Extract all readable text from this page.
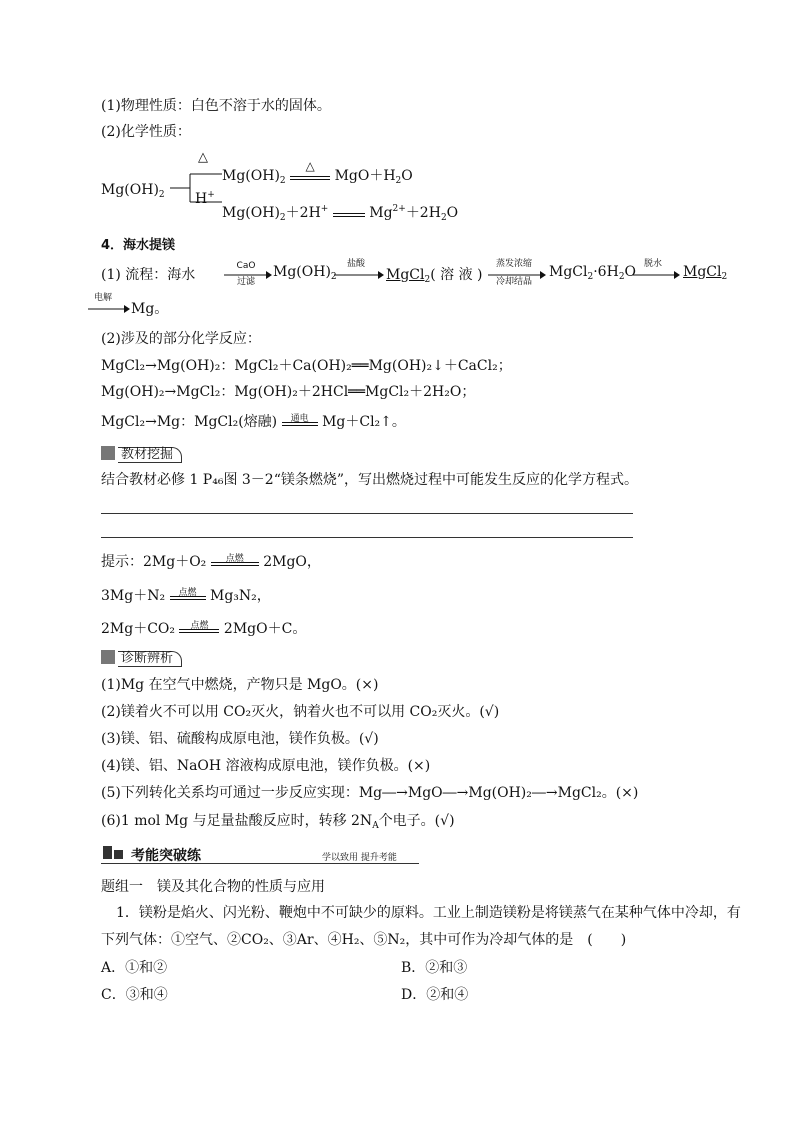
(1)物理性质：白色不溶于水的固体。
(2)化学性质：
$Mg(OH)_2$
△
$Mg(OH)_2$
△
$MgO+H_2O$
H+
$Mg(OH)_2+2H^+$	$Mg^{2+}+2H_2O$
4．海水提镁
(1) 流程：海水
CaO
过滤
$Mg(OH)_2$
盐酸
MgCl$_2$( 溶 液 )
蒸发浓缩
冷却结晶
$MgCl_2\cdot 6H_2O$ 脱水	MgCl$_2$
电解
Mg。
(2)涉及的部分化学反应：
MgCl₂→Mg(OH)₂：MgCl₂＋Ca(OH)₂══Mg(OH)₂↓＋CaCl₂；
Mg(OH)₂→MgCl₂：Mg(OH)₂＋2HCl══MgCl₂＋2H₂O；
MgCl₂→Mg：MgCl₂(熔融)	通电 Mg＋Cl₂↑。
教材挖掘
结合教材必修 1 P₄₆图 3－2“镁条燃烧”，写出燃烧过程中可能发生反应的化学方程式。
提示：2Mg＋O₂	点燃	2MgO，
3Mg＋N₂	点燃 Mg₃N₂，
2Mg＋CO₂	点燃	2MgO＋C。
诊断辨析
(1)Mg 在空气中燃烧，产物只是 MgO。(×)
(2)镁着火不可以用 CO₂灭火，钠着火也不可以用 CO₂灭火。(√)
(3)镁、铝、硫酸构成原电池，镁作负极。(√)
(4)镁、铝、NaOH 溶液构成原电池，镁作负极。(×)
(5)下列转化关系均可通过一步反应实现：Mg―→MgO―→Mg(OH)₂―→MgCl₂。(×)
(6)1 mol Mg 与足量盐酸反应时，转移 $2N_A$个电子。(√)
考能突破练	学以致用 提升考能
题组一　镁及其化合物的性质与应用
1．镁粉是焰火、闪光粉、鞭炮中不可缺少的原料。工业上制造镁粉是将镁蒸气在某种气体中冷却，有
下列气体：①空气、②CO₂、③Ar、④H₂、⑤N₂，其中可作为冷却气体的是　(　　)
A．①和②	B．②和③
C．③和④	D．②和④
